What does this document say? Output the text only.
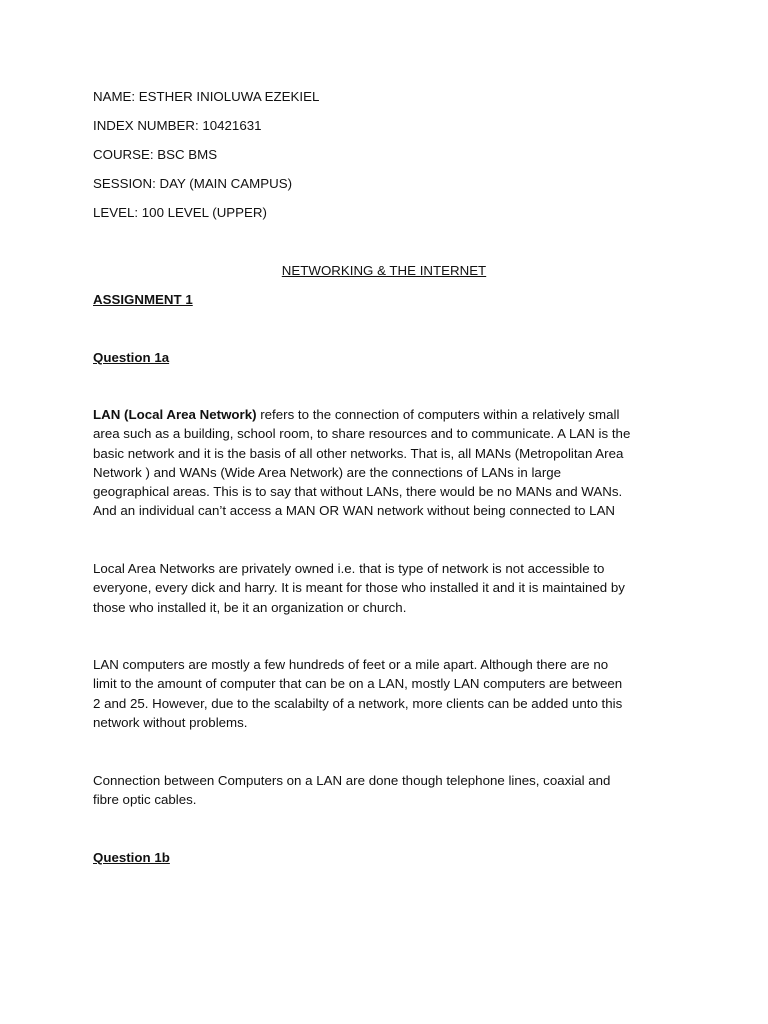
NAME: ESTHER INIOLUWA EZEKIEL
INDEX NUMBER: 10421631
COURSE: BSC BMS
SESSION: DAY (MAIN CAMPUS)
LEVEL: 100 LEVEL (UPPER)
NETWORKING & THE INTERNET
ASSIGNMENT 1
Question 1a
LAN (Local Area Network) refers to the connection of computers within a relatively small
area such as a building, school room, to share resources and to communicate. A LAN is the
basic network and it is the basis of all other networks. That is, all MANs (Metropolitan Area
Network ) and WANs (Wide Area Network) are the connections of LANs in large
geographical areas. This is to say that without LANs, there would be no MANs and WANs.
And an individual can’t access a MAN OR WAN network without being connected to LAN
Local Area Networks are privately owned i.e. that is type of network is not accessible to
everyone, every dick and harry. It is meant for those who installed it and it is maintained by
those who installed it, be it an organization or church.
LAN computers are mostly a few hundreds of feet or a mile apart. Although there are no
limit to the amount of computer that can be on a LAN, mostly LAN computers are between
2 and 25. However, due to the scalabilty of a network, more clients can be added unto this
network without problems.
Connection between Computers on a LAN are done though telephone lines, coaxial and
fibre optic cables.
Question 1b
